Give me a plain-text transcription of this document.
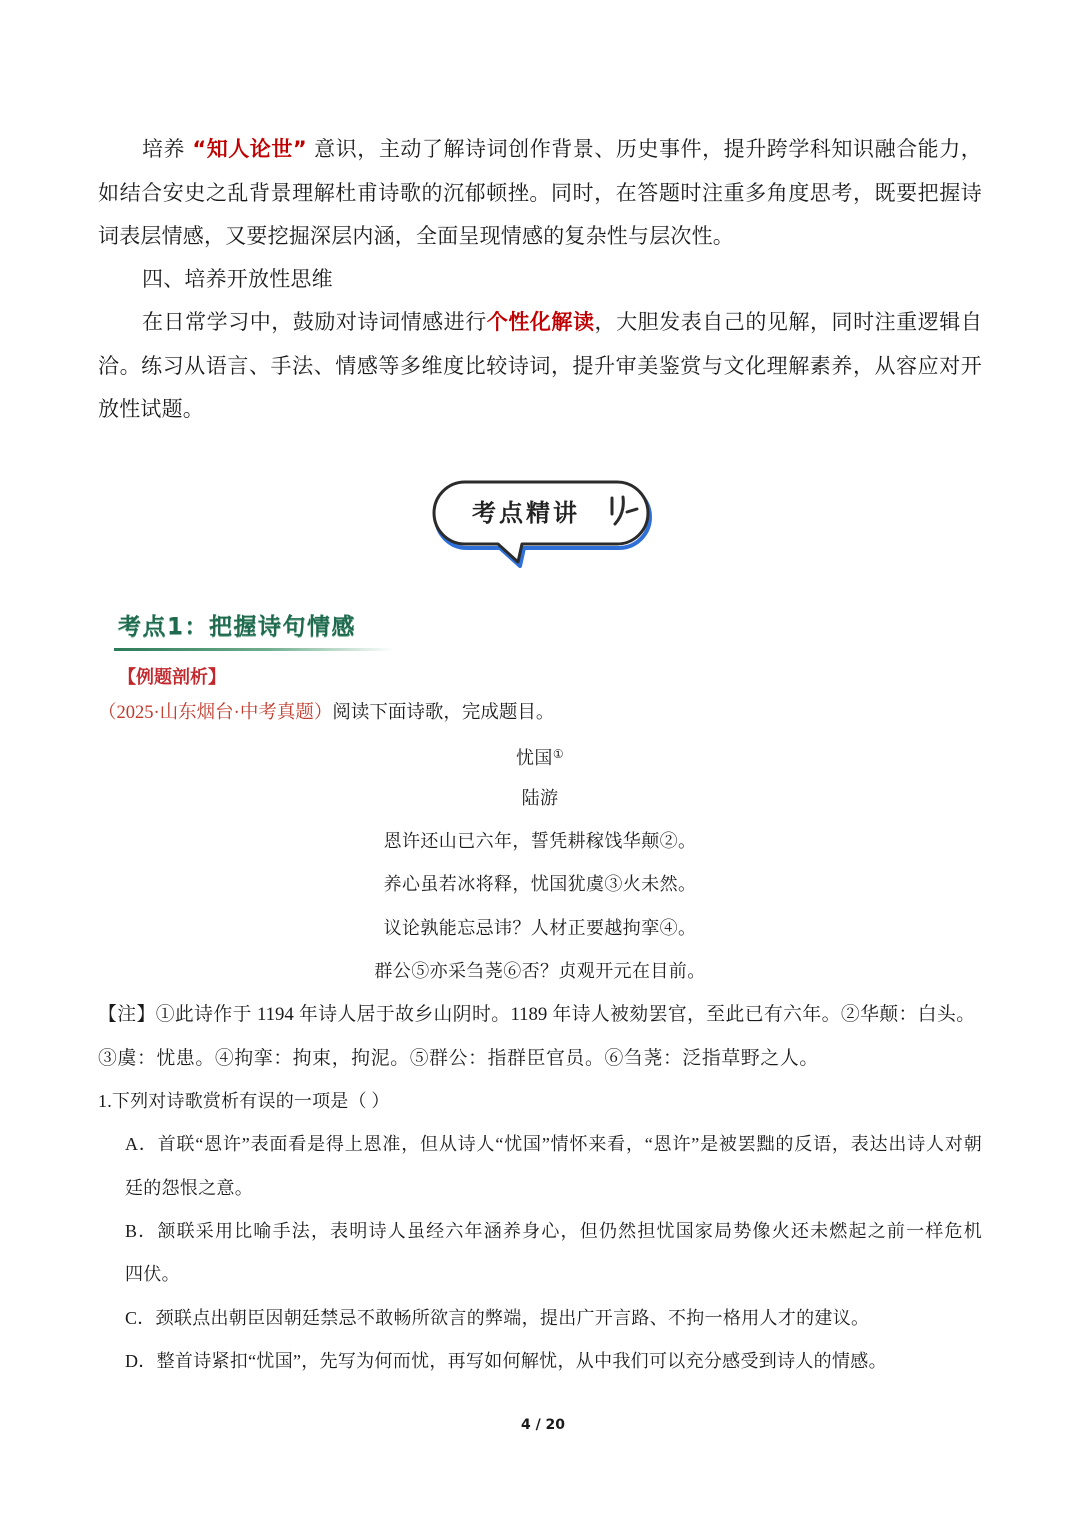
培养 “知人论世” 意识，主动了解诗词创作背景、历史事件，提升跨学科知识融合能力，
如结合安史之乱背景理解杜甫诗歌的沉郁顿挫。同时，在答题时注重多角度思考，既要把握诗
词表层情感，又要挖掘深层内涵，全面呈现情感的复杂性与层次性。
四、培养开放性思维
在日常学习中，鼓励对诗词情感进行个性化解读，大胆发表自己的见解，同时注重逻辑自
洽。练习从语言、手法、情感等多维度比较诗词，提升审美鉴赏与文化理解素养，从容应对开
放性试题。
考点精讲
考点1：把握诗句情感
【例题剖析】
（2025·山东烟台·中考真题）阅读下面诗歌，完成题目。
忧国①
陆游
恩许还山已六年，誓凭耕稼饯华颠②。
养心虽若冰将释，忧国犹虞③火未然。
议论孰能忘忌讳？人材正要越拘挛④。
群公⑤亦采刍荛⑥否？贞观开元在目前。
【注】①此诗作于 1194 年诗人居于故乡山阴时。1189 年诗人被劾罢官，至此已有六年。②华颠：白头。
③虞：忧患。④拘挛：拘束，拘泥。⑤群公：指群臣官员。⑥刍荛：泛指草野之人。
1.下列对诗歌赏析有误的一项是（ ）
A．首联“恩许”表面看是得上恩准，但从诗人“忧国”情怀来看，“恩许”是被罢黜的反语，表达出诗人对朝
廷的怨恨之意。
B．颔联采用比喻手法，表明诗人虽经六年涵养身心，但仍然担忧国家局势像火还未燃起之前一样危机
四伏。
C．颈联点出朝臣因朝廷禁忌不敢畅所欲言的弊端，提出广开言路、不拘一格用人才的建议。
D．整首诗紧扣“忧国”，先写为何而忧，再写如何解忧，从中我们可以充分感受到诗人的情感。
4 / 20
